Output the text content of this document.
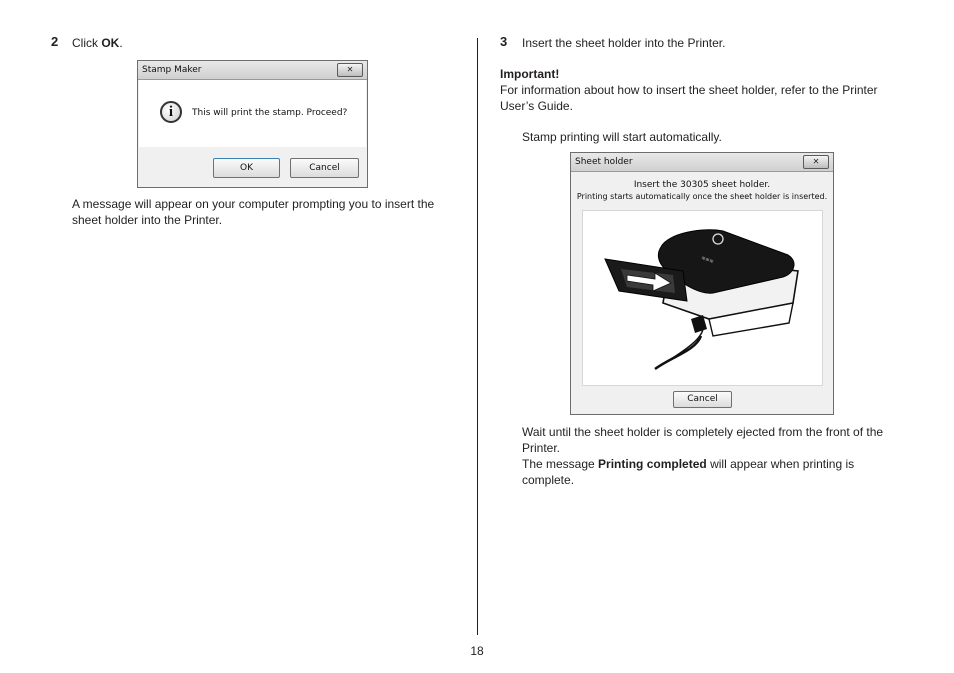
2 Click OK.
Stamp Maker	✕
i	This will print the stamp. Proceed?
OK	Cancel
A message will appear on your computer prompting you to insert the
sheet holder into the Printer.
3 Insert the sheet holder into the Printer.
Important!
For information about how to insert the sheet holder, refer to the Printer
User’s Guide.
Stamp printing will start automatically.
Sheet holder	✕
Insert the 30305 sheet holder.
Printing starts automatically once the sheet holder is inserted.
≋≋≋
Cancel
Wait until the sheet holder is completely ejected from the front of the
Printer.
The message Printing completed will appear when printing is
complete.
18
